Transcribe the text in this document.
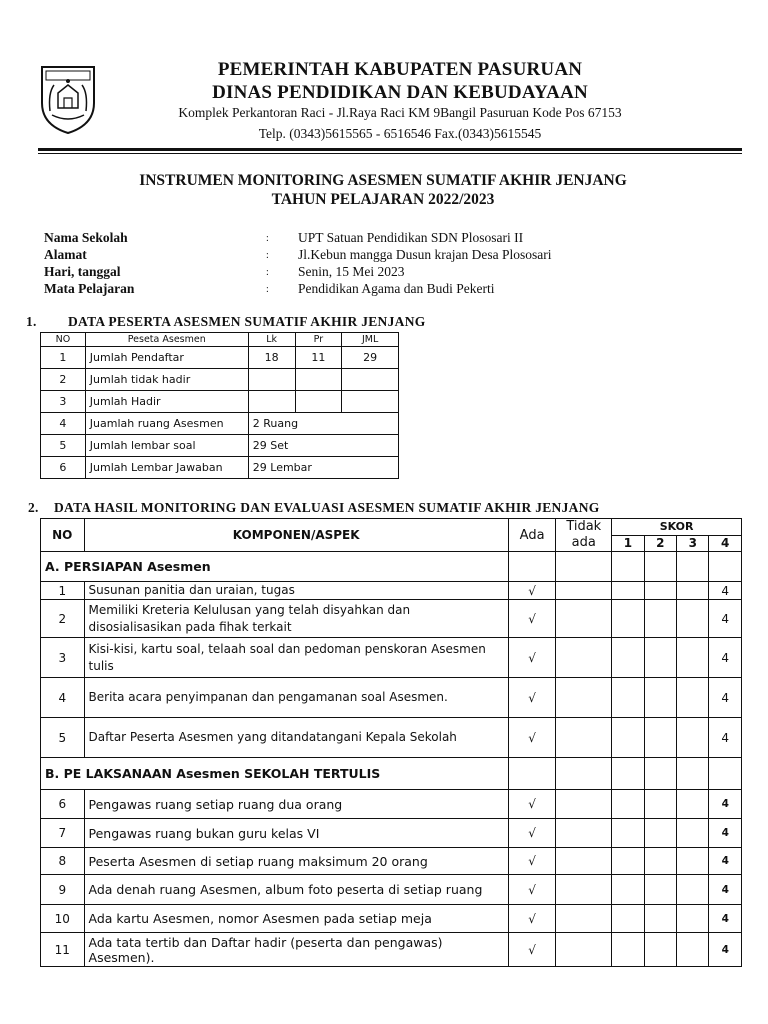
PEMERINTAH KABUPATEN PASURUAN
DINAS PENDIDIKAN DAN KEBUDAYAAN
Komplek Perkantoran Raci - Jl.Raya Raci KM 9Bangil Pasuruan Kode Pos 67153
Telp. (0343)5615565 - 6516546 Fax.(0343)5615545
INSTRUMEN MONITORING ASESMEN SUMATIF AKHIR JENJANG
TAHUN PELAJARAN 2022/2023
Nama Sekolah	: UPT Satuan Pendidikan SDN Plososari II
Alamat	: Jl.Kebun mangga Dusun krajan Desa Plososari
Hari, tanggal	: Senin, 15 Mei 2023
Mata Pelajaran	: Pendidikan Agama dan Budi Pekerti
1. DATA PESERTA ASESMEN SUMATIF AKHIR JENJANG
NO	Peseta Asesmen	Lk	Pr	JML
1	Jumlah Pendaftar	18	11	29
2	Jumlah tidak hadir			
3	Jumlah Hadir			
4	Juamlah ruang Asesmen	2 Ruang		
5	Jumlah lembar soal	29 Set		
6	Jumlah Lembar Jawaban	29 Lembar		
2. DATA HASIL MONITORING DAN EVALUASI ASESMEN SUMATIF AKHIR JENJANG
NO	KOMPONEN/ASPEK	Ada	Tidak ada	SKOR			
				1	2	3	4
A. PERSIAPAN Asesmen							
1	Susunan panitia dan uraian, tugas	√					4
2	Memiliki Kreteria Kelulusan yang telah disyahkan dan disosialisasikan pada fihak terkait	√					4
3	Kisi-kisi, kartu soal, telaah soal dan pedoman penskoran Asesmen tulis	√					4
4	Berita acara penyimpanan dan pengamanan soal Asesmen.	√					4
5	Daftar Peserta Asesmen yang ditandatangani Kepala Sekolah	√					4
B. PE LAKSANAAN Asesmen SEKOLAH TERTULIS							
6	Pengawas ruang setiap ruang dua orang	√					4
7	Pengawas ruang bukan guru kelas VI	√					4
8	Peserta Asesmen di setiap ruang maksimum 20 orang	√					4
9	Ada denah ruang Asesmen, album foto peserta di setiap ruang	√					4
10	Ada kartu Asesmen, nomor Asesmen pada setiap meja	√					4
11	Ada tata tertib dan Daftar hadir (peserta dan pengawas) Asesmen).	√					4
